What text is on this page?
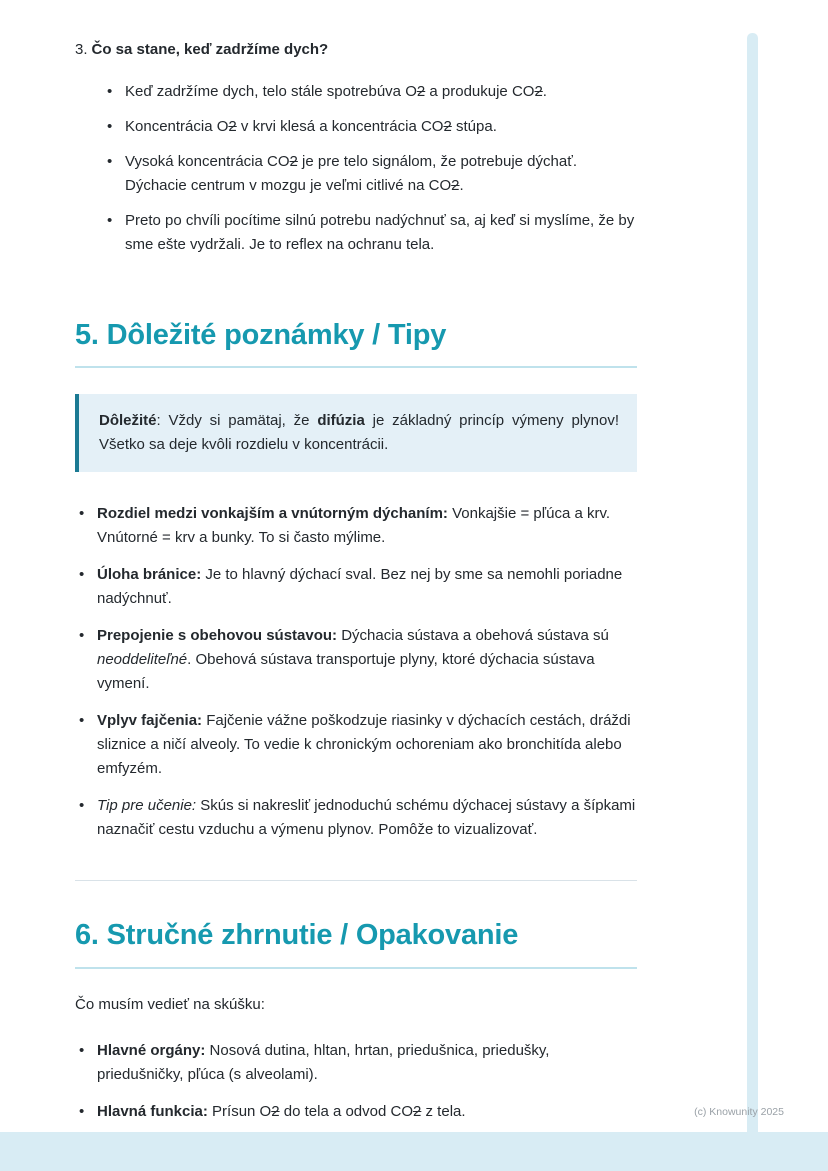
3. Čo sa stane, keď zadržíme dych?
• Keď zadržíme dych, telo stále spotrebúva O2 a produkuje CO2.
• Koncentrácia O2 v krvi klesá a koncentrácia CO2 stúpa.
• Vysoká koncentrácia CO2 je pre telo signálom, že potrebuje dýchať. Dýchacie centrum v mozgu je veľmi citlivé na CO2.
• Preto po chvíli pocítime silnú potrebu nadýchnuť sa, aj keď si myslíme, že by sme ešte vydržali. Je to reflex na ochranu tela.
5. Dôležité poznámky / Tipy
Dôležité: Vždy si pamätaj, že difúzia je základný princíp výmeny plynov! Všetko sa deje kvôli rozdielu v koncentrácii.
• Rozdiel medzi vonkajším a vnútorným dýchaním: Vonkajšie = pľúca a krv. Vnútorné = krv a bunky. To si často mýlime.
• Úloha bránice: Je to hlavný dýchací sval. Bez nej by sme sa nemohli poriadne nadýchnuť.
• Prepojenie s obehovou sústavou: Dýchacia sústava a obehová sústava sú neoddeliteľné. Obehová sústava transportuje plyny, ktoré dýchacia sústava vymení.
• Vplyv fajčenia: Fajčenie vážne poškodzuje riasinky v dýchacích cestách, dráždi sliznice a ničí alveoly. To vedie k chronickým ochoreniam ako bronchitída alebo emfyzém.
• Tip pre učenie: Skús si nakresliť jednoduchú schému dýchacej sústavy a šípkami naznačiť cestu vzduchu a výmenu plynov. Pomôže to vizualizovať.
6. Stručné zhrnutie / Opakovanie

Čo musím vedieť na skúšku:

• Hlavné orgány: Nosová dutina, hltan, hrtan, priedušnica, priedušky, priedušničky, pľúca (s alveolami).
• Hlavná funkcia: Prísun O2 do tela a odvod CO2 z tela.	(c) Knowunity 2025
